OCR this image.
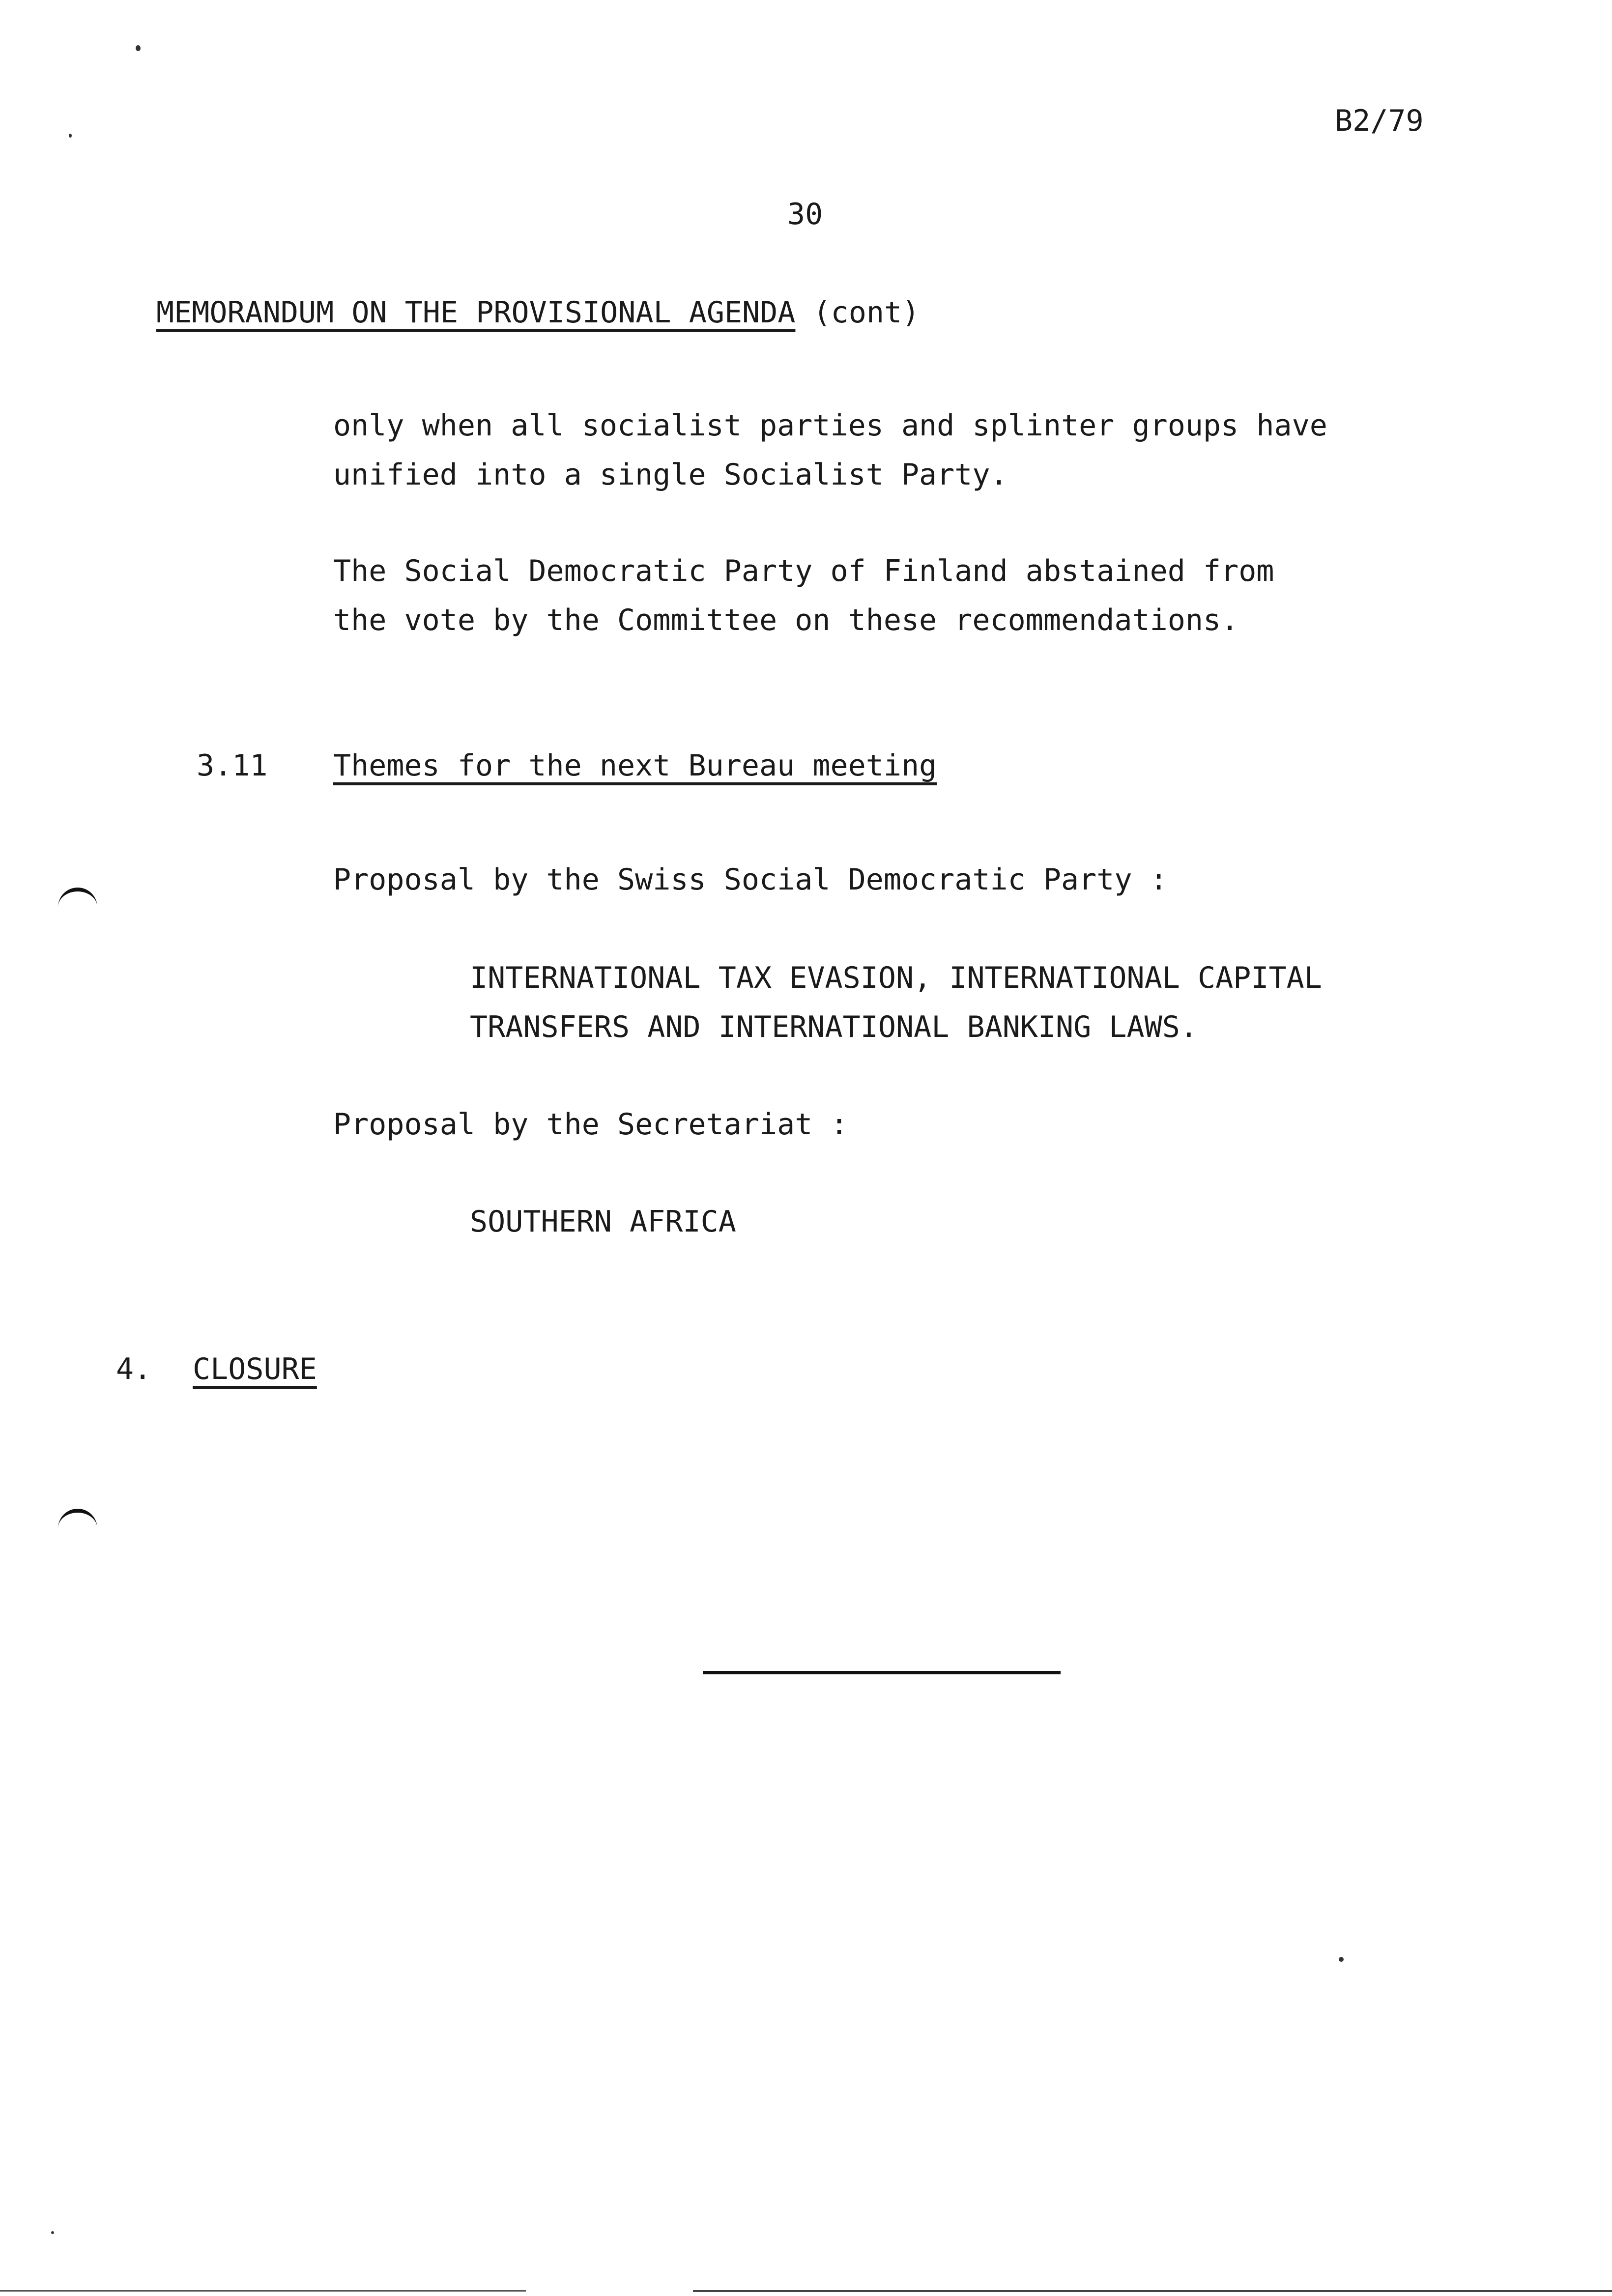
B2/79
30
MEMORANDUM ON THE PROVISIONAL AGENDA (cont)
only when all socialist parties and splinter groups have
unified into a single Socialist Party.
The Social Democratic Party of Finland abstained from
the vote by the Committee on these recommendations.
3.11 Themes for the next Bureau meeting
Proposal by the Swiss Social Democratic Party :
INTERNATIONAL TAX EVASION, INTERNATIONAL CAPITAL
TRANSFERS AND INTERNATIONAL BANKING LAWS.
Proposal by the Secretariat :
SOUTHERN AFRICA
4. CLOSURE
